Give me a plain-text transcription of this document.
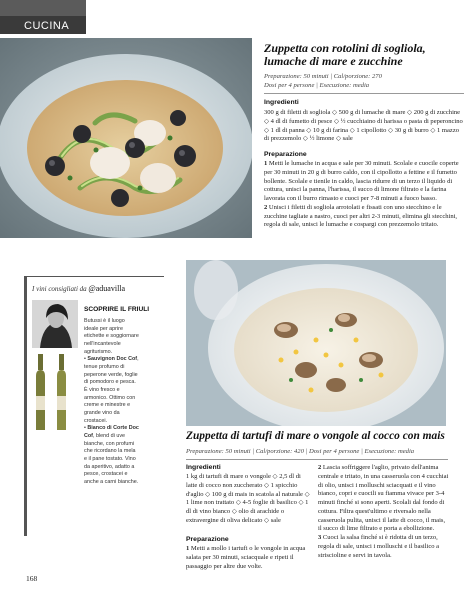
CUCINA
Zuppetta con rotolini di sogliola, lumache di mare e zucchine
Preparazione: 50 minuti | Cal/porzione: 270
Dosi per 4 persone | Esecuzione: media
Ingredienti
300 g di filetti di sogliola ◇ 500 g di lumache di mare ◇ 200 g di zucchine ◇ 4 dl di fumetto di pesce ◇ ½ cucchiaino di harissa o pasta di peperoncino ◇ 1 dl di panna ◇ 10 g di farina ◇ 1 cipollotto ◇ 30 g di burro ◇ 1 mazzo di prezzemolo ◇ ½ limone ◇ sale
Preparazione
1 Metti le lumache in acqua e sale per 30 minuti. Scolale e cuocile coperte per 30 minuti in 20 g di burro caldo, con il cipollotto a fettine e il fumetto bollente. Scolale e tienile in caldo, lascia ridurre di un terzo il liquido di cottura, unisci la panna, l'harissa, il succo di limone filtrato e la farina lavorata con il burro rimasto e cuoci per 7-8 minuti a fuoco basso.
2 Unisci i filetti di sogliola arrotolati e fissati con uno stecchino e le zucchine tagliate a nastro, cuoci per altri 2-3 minuti, elimina gli stecchini, regola di sale, unisci le lumache e cospargi con prezzemolo tritato.
I vini consigliati da @aduavilla
SCOPRIRE IL FRIULI
Butussi è il luogo ideale per aprire etichette e soggiornare nell'incantevole agriturismo.
• Sauvignon Doc Cof, tenue profumo di peperone verde, foglie di pomodoro e pesca. È vino fresco e armonico. Ottimo con creme e minestre e grande vino da crostacei.
• Bianco di Corte Doc Cof, blend di uve bianche, con profumi che ricordano la mela e il pane tostato. Vino da aperitivo, adatto a pesce, crostacei e anche a carni bianche.
Zuppetta di tartufi di mare o vongole al cocco con mais
Preparazione: 50 minuti | Cal/porzione: 420 | Dosi per 4 persone | Esecuzione: media
Ingredienti
1 kg di tartufi di mare o vongole ◇ 2,5 dl di latte di cocco non zuccherato ◇ 1 spicchio d'aglio ◇ 100 g di mais in scatola al naturale ◇ 1 lime non trattato ◇ 4-5 foglie di basilico ◇ 1 dl di vino bianco ◇ olio di arachide o extravergine di oliva delicato ◇ sale
Preparazione
1 Metti a mollo i tartufi o le vongole in acqua salata per 30 minuti, sciacquale e ripeti il passaggio per altre due volte.
2 Lascia soffriggere l'aglio, privato dell'anima centrale e tritato, in una casseruola con 4 cucchiai di olio, unisci i molluschi sciacquati e il vino bianco, copri e cuocili su fiamma vivace per 3-4 minuti finché si sono aperti. Scolali dal fondo di cottura. Filtra quest'ultimo e riversalo nella casseruola pulita, unisci il latte di cocco, il mais, il succo di lime filtrato e porta a ebollizione.
3 Cuoci la salsa finché si è ridotta di un terzo, regola di sale, unisci i molluschi e il basilico a striscioline e servi in tavola.
168
